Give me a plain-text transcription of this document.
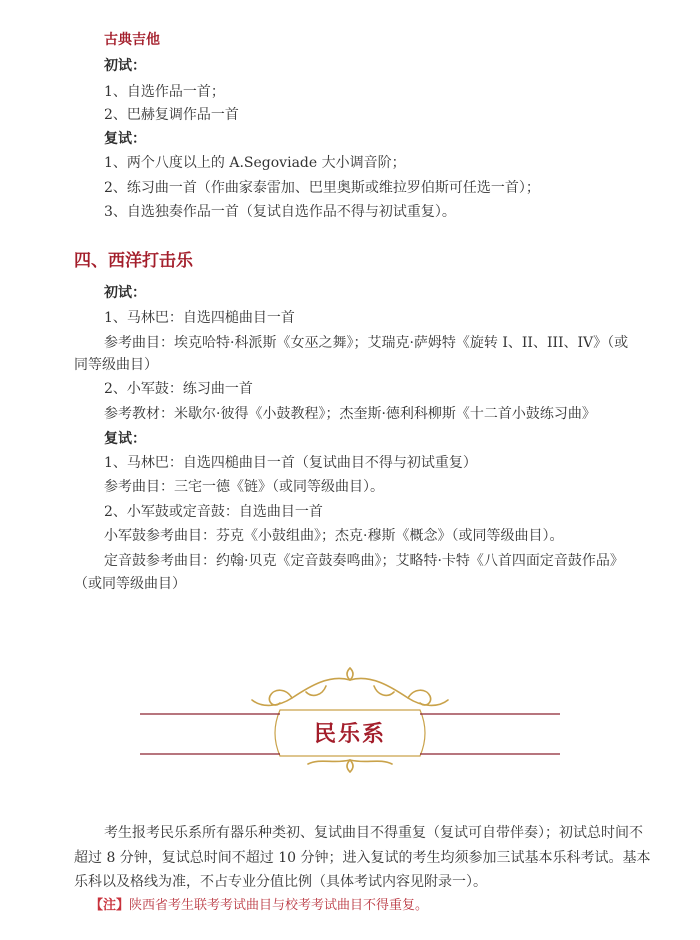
古典吉他
初试：
1、自选作品一首；
2、巴赫复调作品一首
复试：
1、两个八度以上的 A.Segoviade 大小调音阶；
2、练习曲一首（作曲家泰雷加、巴里奥斯或维拉罗伯斯可任选一首）；
3、自选独奏作品一首（复试自选作品不得与初试重复）。
四、西洋打击乐
初试：
1、马林巴：自选四槌曲目一首
参考曲目：埃克哈特·科派斯《女巫之舞》；艾瑞克·萨姆特《旋转 I、II、III、IV》（或
同等级曲目）
2、小军鼓：练习曲一首
参考教材：米歇尔·彼得《小鼓教程》；杰奎斯·德利科柳斯《十二首小鼓练习曲》
复试：
1、马林巴：自选四槌曲目一首（复试曲目不得与初试重复）
参考曲目：三宅一德《链》（或同等级曲目）。
2、小军鼓或定音鼓：自选曲目一首
小军鼓参考曲目：芬克《小鼓组曲》；杰克·穆斯《概念》（或同等级曲目）。
定音鼓参考曲目：约翰·贝克《定音鼓奏鸣曲》；艾略特·卡特《八首四面定音鼓作品》
（或同等级曲目）
民乐系
考生报考民乐系所有器乐种类初、复试曲目不得重复（复试可自带伴奏）；初试总时间不
超过 8 分钟，复试总时间不超过 10 分钟；进入复试的考生均须参加三试基本乐科考试。基本
乐科以及格线为准，不占专业分值比例（具体考试内容见附录一）。
【注】陕西省考生联考考试曲目与校考考试曲目不得重复。
